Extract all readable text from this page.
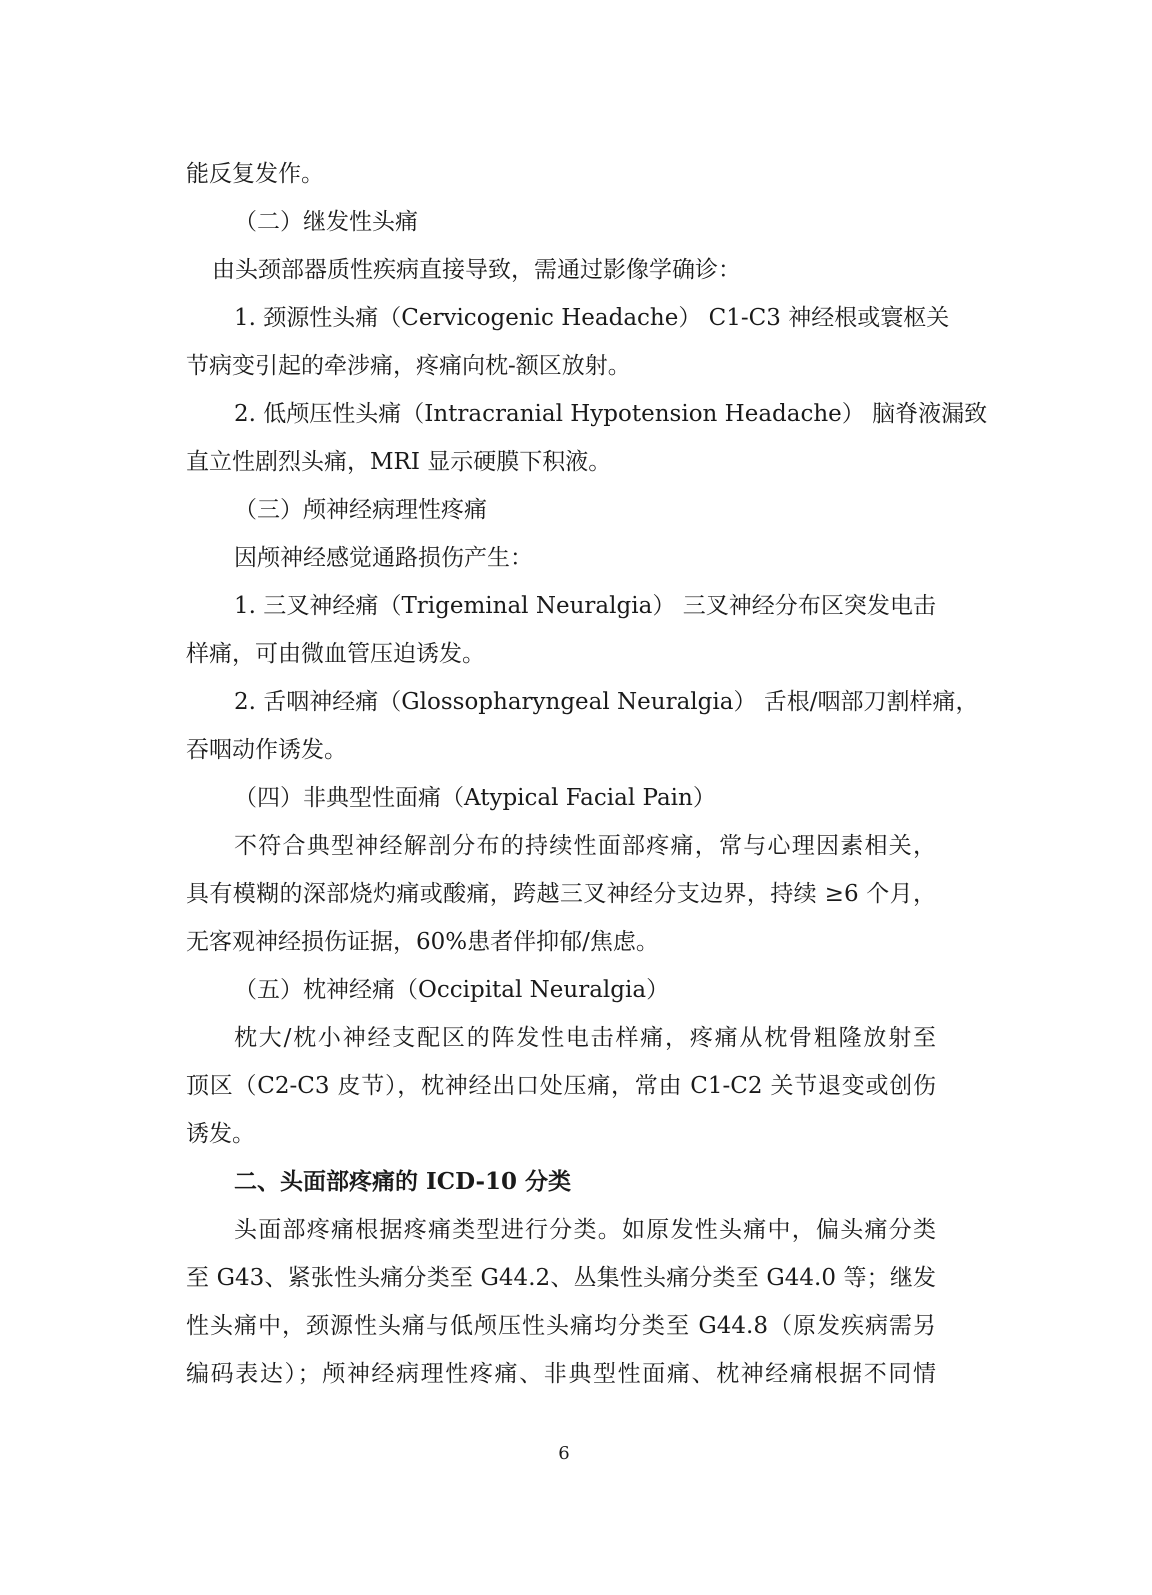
能反复发作。
（二）继发性头痛
由头颈部器质性疾病直接导致，需通过影像学确诊：
1. 颈源性头痛（Cervicogenic Headache） C1-C3 神经根或寰枢关
节病变引起的牵涉痛，疼痛向枕-额区放射。
2. 低颅压性头痛（Intracranial Hypotension Headache） 脑脊液漏致
直立性剧烈头痛，MRI 显示硬膜下积液。
（三）颅神经病理性疼痛
因颅神经感觉通路损伤产生：
1. 三叉神经痛（Trigeminal Neuralgia） 三叉神经分布区突发电击
样痛，可由微血管压迫诱发。
2. 舌咽神经痛（Glossopharyngeal Neuralgia） 舌根/咽部刀割样痛，
吞咽动作诱发。
（四）非典型性面痛（Atypical Facial Pain）
不符合典型神经解剖分布的持续性面部疼痛，常与心理因素相关，
具有模糊的深部烧灼痛或酸痛，跨越三叉神经分支边界，持续 ≥6 个月，
无客观神经损伤证据，60%患者伴抑郁/焦虑。
（五）枕神经痛（Occipital Neuralgia）
枕大/枕小神经支配区的阵发性电击样痛，疼痛从枕骨粗隆放射至
顶区（C2-C3 皮节），枕神经出口处压痛，常由 C1-C2 关节退变或创伤
诱发。
二、头面部疼痛的 ICD-10 分类
头面部疼痛根据疼痛类型进行分类。如原发性头痛中，偏头痛分类
至 G43、紧张性头痛分类至 G44.2、丛集性头痛分类至 G44.0 等；继发
性头痛中，颈源性头痛与低颅压性头痛均分类至 G44.8（原发疾病需另
编码表达）；颅神经病理性疼痛、非典型性面痛、枕神经痛根据不同情
6
